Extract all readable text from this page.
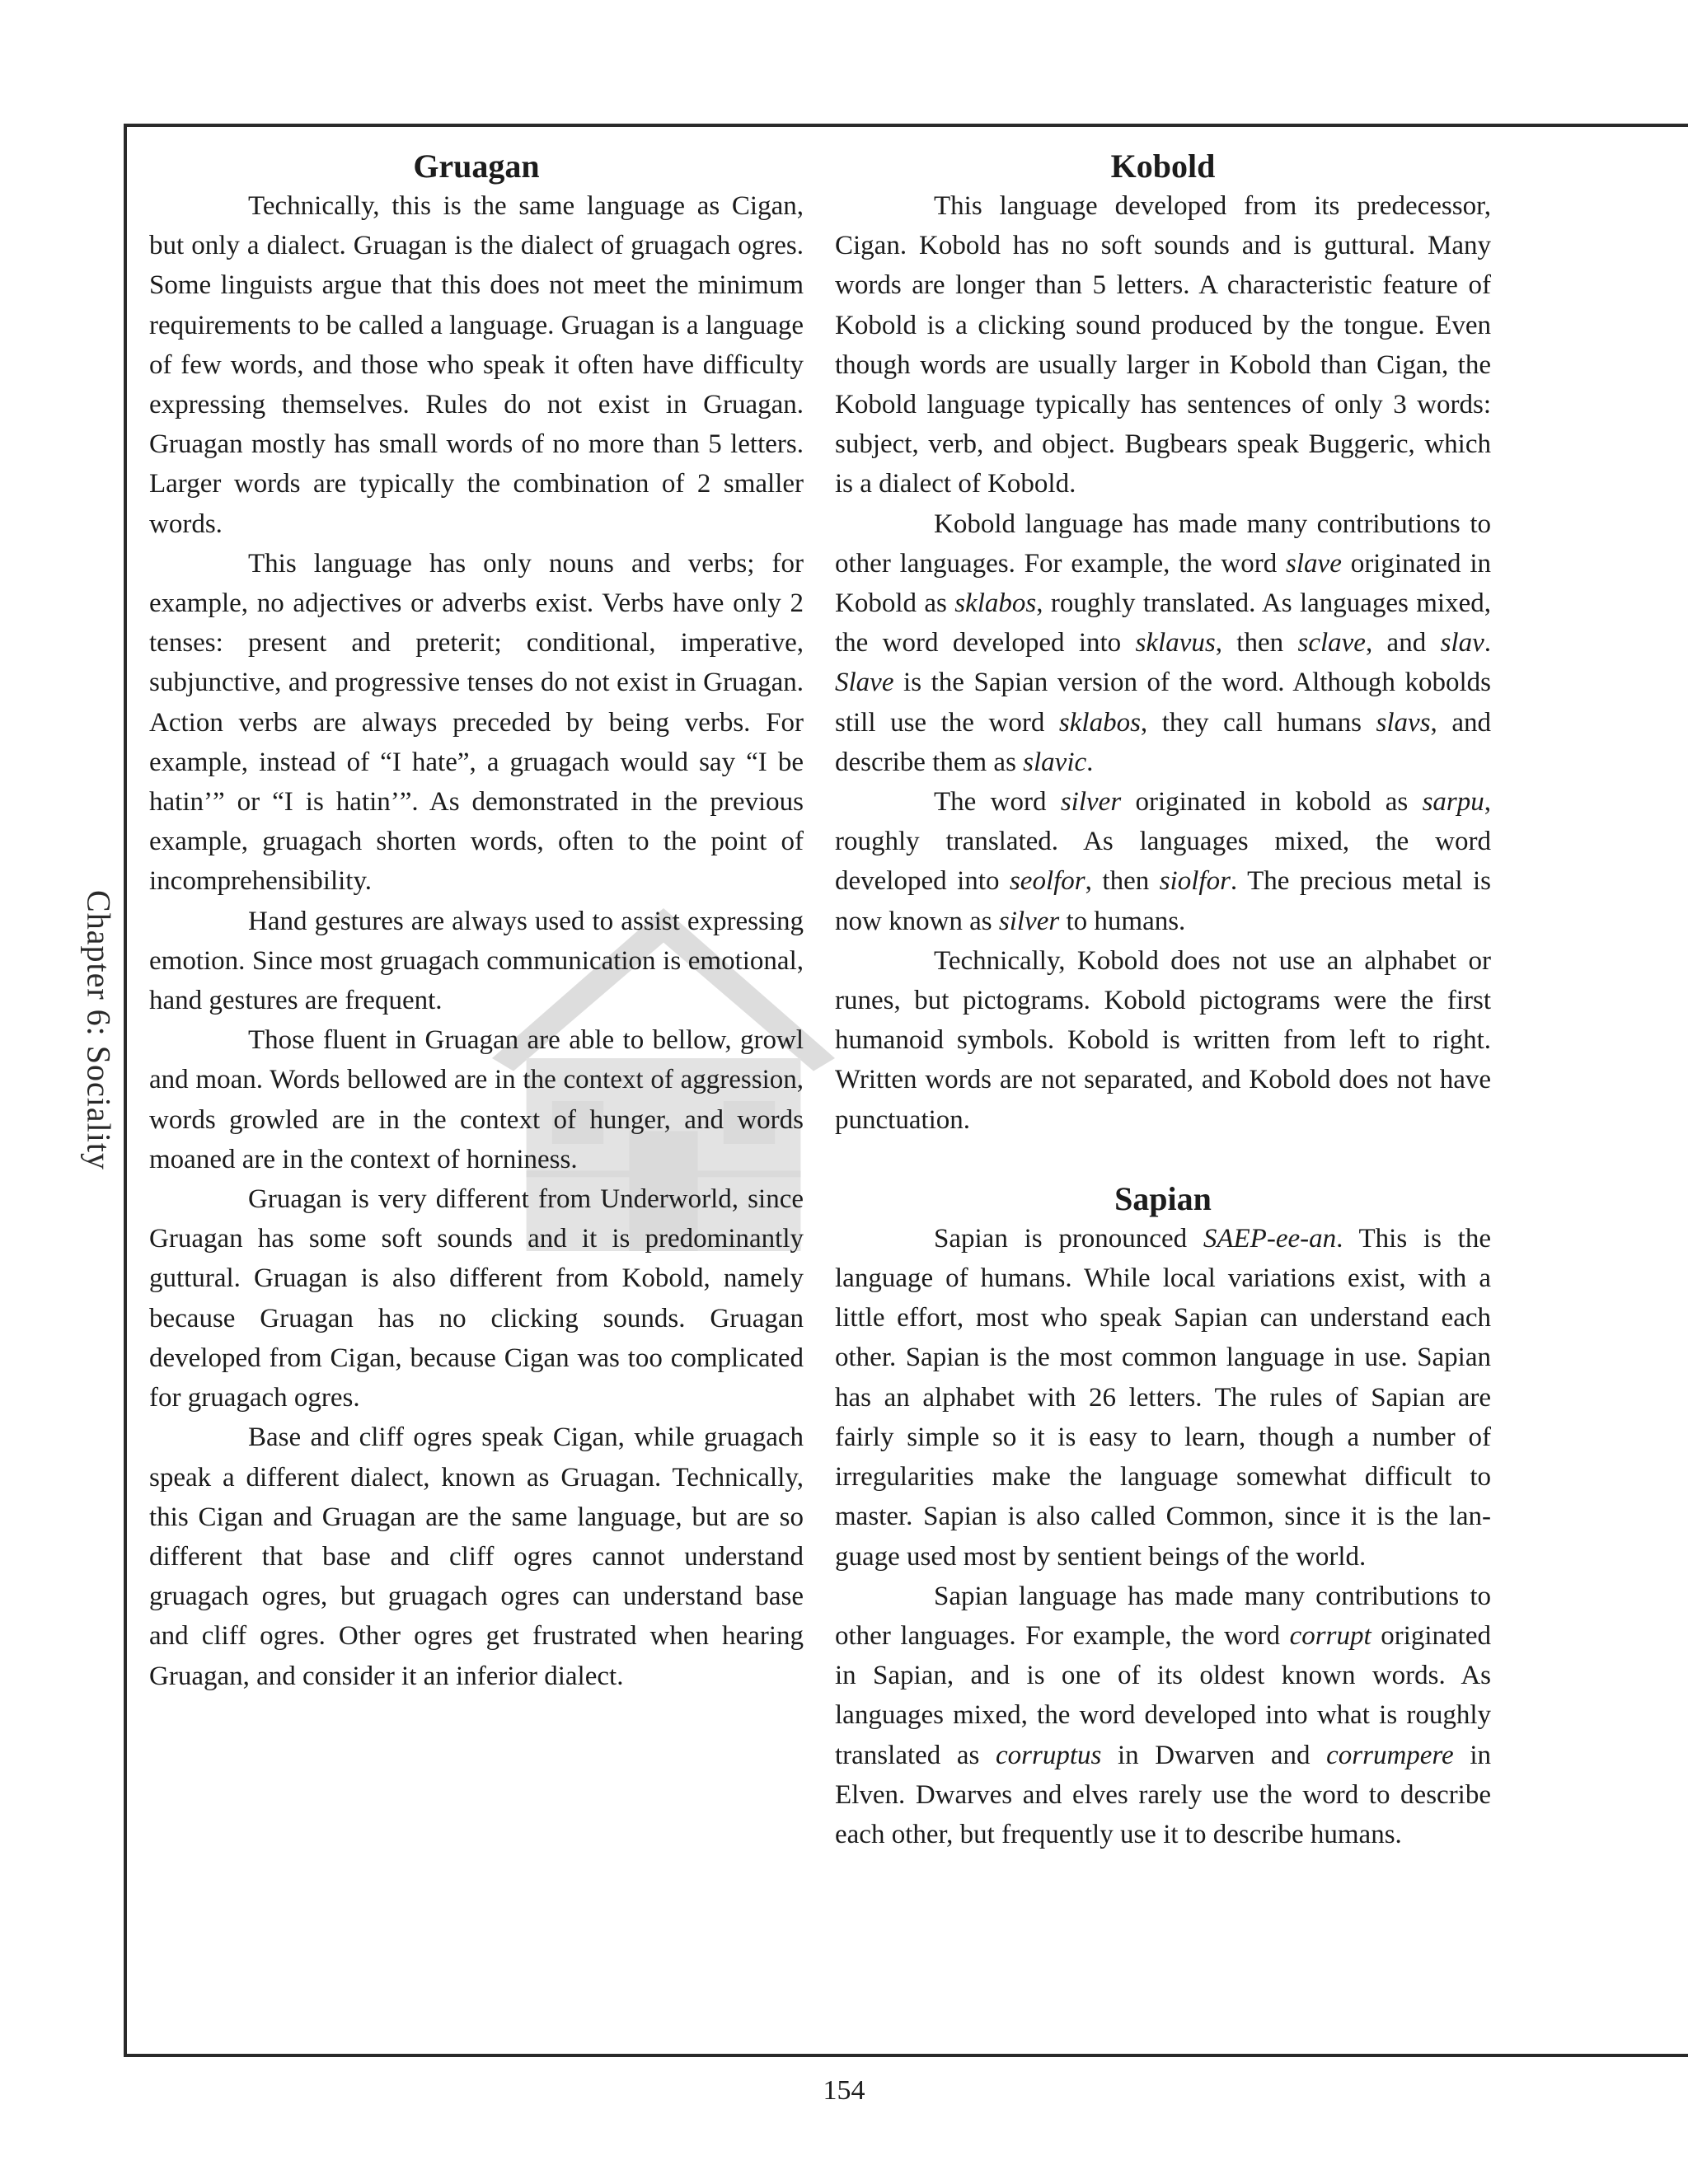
Chapter 6: Sociality
Gruagan

Technically, this is the same language as Cigan, but only a dialect. Gruagan is the dialect of gruagach ogres. Some linguists argue that this does not meet the minimum requirements to be called a language. Gruagan is a language of few words, and those who speak it often have difficulty expressing themselves. Rules do not exist in Gruagan. Gruagan mostly has small words of no more than 5 letters. Larger words are typically the combination of 2 smaller words.

This language has only nouns and verbs; for example, no adjectives or adverbs exist. Verbs have only 2 tenses: present and preterit; conditional, imperative, subjunctive, and progressive tenses do not exist in Gruagan. Action verbs are always preceded by being verbs. For example, instead of “I hate”, a gruagach would say “I be hatin’” or “I is hatin’”. As demonstrated in the previous example, gruagach shorten words, often to the point of incomprehensibility.

Hand gestures are always used to assist expressing emotion. Since most gruagach communication is emotional, hand gestures are frequent.

Those fluent in Gruagan are able to bellow, growl and moan. Words bellowed are in the context of aggression, words growled are in the context of hunger, and words moaned are in the context of horniness.

Gruagan is very different from Underworld, since Gruagan has some soft sounds and it is predominantly guttural. Gruagan is also different from Kobold, namely because Gruagan has no clicking sounds. Gruagan developed from Cigan, because Cigan was too complicated for gruagach ogres.

Base and cliff ogres speak Cigan, while gruagach speak a different dialect, known as Gruagan. Technically, this Cigan and Gruagan are the same language, but are so different that base and cliff ogres cannot understand gruagach ogres, but gruagach ogres can understand base and cliff ogres. Other ogres get frustrated when hearing Gruagan, and consider it an inferior dialect.

Kobold

This language developed from its predecessor, Cigan. Kobold has no soft sounds and is guttural. Many words are longer than 5 letters. A characteristic feature of Kobold is a clicking sound produced by the tongue. Even though words are usually larger in Kobold than Cigan, the Kobold language typically has sentences of only 3 words: subject, verb, and object. Bugbears speak Buggeric, which is a dialect of Kobold.

Kobold language has made many contributions to other languages. For example, the word slave originated in Kobold as sklabos, roughly translated. As languages mixed, the word developed into sklavus, then sclave, and slav. Slave is the Sapian version of the word. Although kobolds still use the word sklabos, they call humans slavs, and describe them as slavic.

The word silver originated in kobold as sarpu, roughly translated. As languages mixed, the word developed into seolfor, then siolfor. The precious metal is now known as silver to humans.

Technically, Kobold does not use an alphabet or runes, but pictograms. Kobold pictograms were the first humanoid symbols. Kobold is written from left to right. Written words are not separated, and Kobold does not have punctuation.

Sapian

Sapian is pronounced SAEP-ee-an. This is the language of humans. While local variations exist, with a little effort, most who speak Sapian can understand each other. Sapian is the most common language in use. Sapian has an alphabet with 26 letters. The rules of Sapian are fairly simple so it is easy to learn, though a number of irregularities make the language somewhat difficult to master. Sapian is also called Common, since it is the language used most by sentient beings of the world.

Sapian language has made many contributions to other languages. For example, the word corrupt originated in Sapian, and is one of its oldest known words. As languages mixed, the word developed into what is roughly translated as corruptus in Dwarven and corrumpere in Elven. Dwarves and elves rarely use the word to describe each other, but frequently use it to describe humans.

154
